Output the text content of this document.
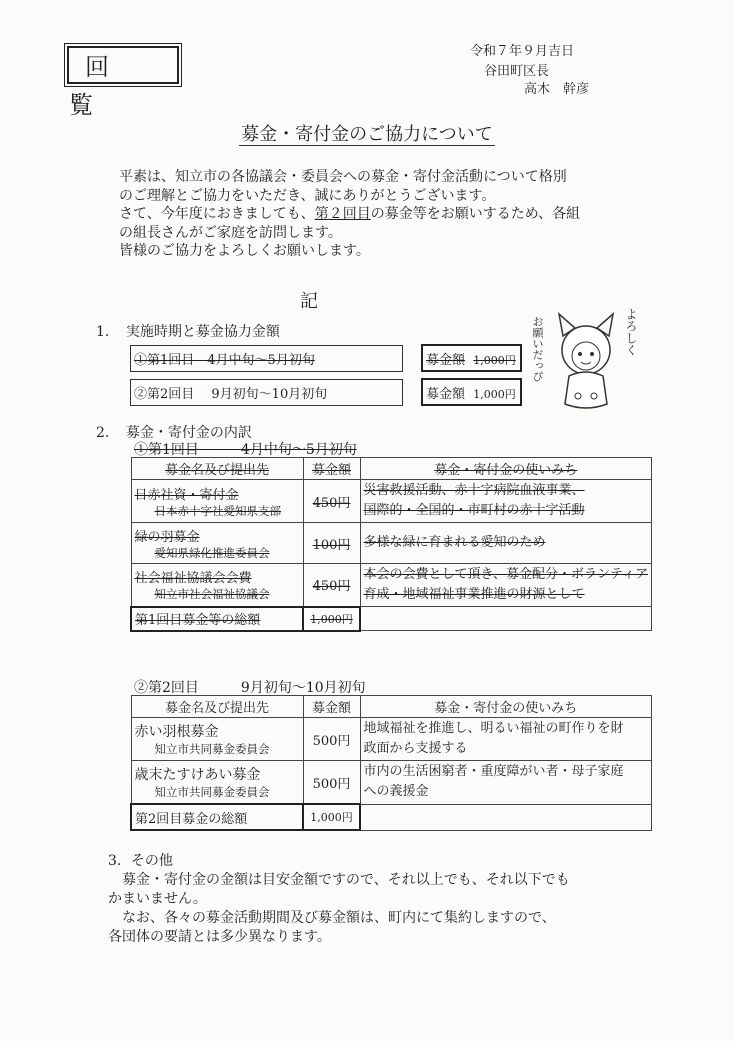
回 覧
令和７年９月吉日
谷田町区長
高木　幹彦
募金・寄付金のご協力について

平素は、知立市の各協議会・委員会への募金・寄付金活動について格別

のご理解とご協力をいただき、誠にありがとうございます。

さて、今年度におきましても、第２回目の募金等をお願いするため、各組

の組長さんがご家庭を訪問します。

皆様のご協力をよろしくお願いします。

記
1．　実施時期と募金協力金額
①第1回目　4月中旬～5月初旬		募金額 1,000円

②第2回目　 9月初旬～10月初旬		募金額 1,000円
よろしく
お願いだっぴ
2．　募金・寄付金の内訳
①第1回目　　　4月中旬～5月初旬
募金名及び提出先	募金額	募金・寄付金の使いみち
日赤社資・寄付金
日本赤十字社愛知県支部	450円	災害救援活動、赤十字病院血液事業、
国際的・全国的・市町村の赤十字活動
緑の羽募金
愛知県緑化推進委員会	100円	多様な緑に育まれる愛知のため
社会福祉協議会会費
知立市社会福祉協議会	450円	本会の会費として頂き、募金配分・ボランティア
育成・地域福祉事業推進の財源として
第1回目募金等の総額	1,000円	
②第2回目　　　9月初旬～10月初旬
募金名及び提出先	募金額	募金・寄付金の使いみち
赤い羽根募金
知立市共同募金委員会	500円	地域福祉を推進し、明るい福祉の町作りを財
政面から支援する
歳末たすけあい募金
知立市共同募金委員会	500円	市内の生活困窮者・重度障がい者・母子家庭
への義援金
第2回目募金の総額	1,000円	

3．その他

　募金・寄付金の金額は目安金額ですので、それ以上でも、それ以下でも

かまいません。

　なお、各々の募金活動期間及び募金額は、町内にて集約しますので、

各団体の要請とは多少異なります。
